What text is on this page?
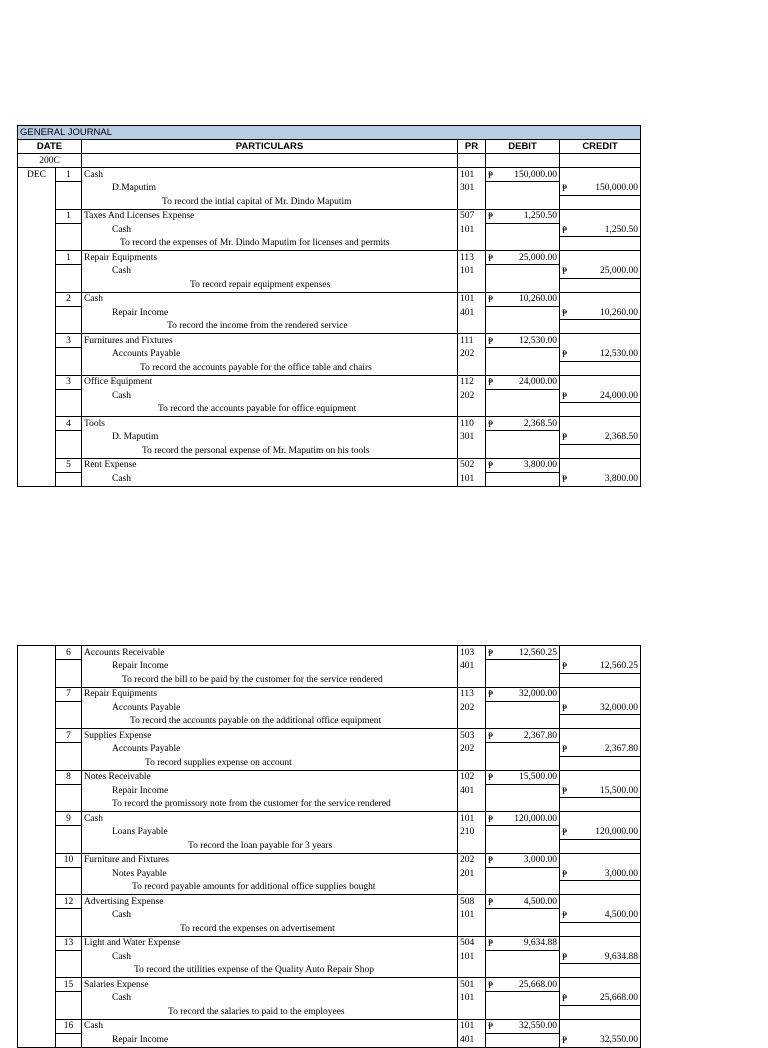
GENERAL JOURNAL					
DATE		PARTICULARS	PR	DEBIT	CREDIT
200C					
DEC	1	Cash	101	₱ 150,000.00	
		D.Maputim	301		₱ 150,000.00
		To record the intial capital of Mr. Dindo Maputim			
	1	Taxes And Licenses Expense	507	₱ 1,250.50	
		Cash	101		₱ 1,250.50
		To record the expenses of Mr. Dindo Maputim for licenses and permits			
	1	Repair Equipments	113	₱ 25,000.00	
		Cash	101		₱ 25,000.00
		To record repair equipment expenses			
	2	Cash	101	₱ 10,260.00	
		Repair Income	401		₱ 10,260.00
		To record the income from the rendered service			
	3	Furnitures and Fixtures	111	₱ 12,530.00	
		Accounts Payable	202		₱ 12,530.00
		To record the accounts payable for the office table and chairs			
	3	Office Equipment	112	₱ 24,000.00	
		Cash	202		₱ 24,000.00
		To record the accounts payable for office equipment			
	4	Tools	110	₱ 2,368.50	
		D. Maputim	301		₱ 2,368.50
		To record the personal expense of Mr. Maputim on his tools			
	5	Rent Expense	502	₱ 3,800.00	
		Cash	101		₱ 3,800.00
	6	Accounts Receivable	103	₱ 12,560.25	
		Repair Income	401		₱ 12,560.25
		To record the bill to be paid by the customer for the service rendered			
	7	Repair Equipments	113	₱ 32,000.00	
		Accounts Payable	202		₱ 32,000.00
		To record the accounts payable on the additional office equipment			
	7	Supplies Expense	503	₱ 2,367.80	
		Accounts Payable	202		₱ 2,367.80
		To record supplies expense on account			
	8	Notes Receivable	102	₱ 15,500.00	
		Repair Income	401		₱ 15,500.00
		To record the promissory note from the customer for the service rendered			
	9	Cash	101	₱ 120,000.00	
		Loans Payable	210		₱ 120,000.00
		To record the loan payable for 3 years			
	10	Furniture and Fixtures	202	₱ 3,000.00	
		Notes Payable	201		₱ 3,000.00
		To record payable amounts for additional office supplies bought			
	12	Advertising Expense	508	₱ 4,500.00	
		Cash	101		₱ 4,500.00
		To record the expenses on advertisement			
	13	Light and Water Expense	504	₱ 9,634.88	
		Cash	101		₱ 9,634.88
		To record the utilities expense of the Quality Auto Repair Shop			
	15	Salaries Expense	501	₱ 25,668.00	
		Cash	101		₱ 25,668.00
		To record the salaries to paid to the employees			
	16	Cash	101	₱ 32,550.00	
		Repair Income	401		₱ 32,550.00
